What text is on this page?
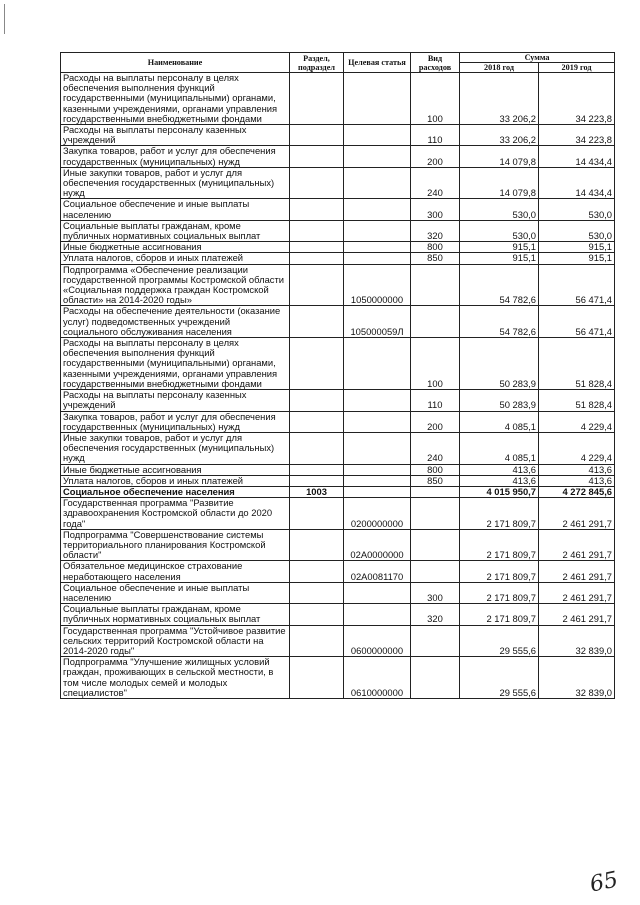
Наименование	Раздел, подраздел	Целевая статья	Вид расходов	Сумма	
				2018 год	2019 год
Расходы на выплаты персоналу в целях обеспечения выполнения функций государственными (муниципальными) органами, казенными учреждениями, органами управления государственными внебюджетными фондами			100	33 206,2	34 223,8
Расходы на выплаты персоналу казенных учреждений			110	33 206,2	34 223,8
Закупка товаров, работ и услуг для обеспечения государственных (муниципальных) нужд			200	14 079,8	14 434,4
Иные закупки товаров, работ и услуг для обеспечения государственных (муниципальных) нужд			240	14 079,8	14 434,4
Социальное обеспечение и иные выплаты населению			300	530,0	530,0
Социальные выплаты гражданам, кроме публичных нормативных социальных выплат			320	530,0	530,0
Иные бюджетные ассигнования			800	915,1	915,1
Уплата налогов, сборов и иных платежей			850	915,1	915,1
Подпрограмма «Обеспечение реализации государственной программы Костромской области «Социальная поддержка граждан Костромской области» на 2014-2020 годы»		1050000000		54 782,6	56 471,4
Расходы на обеспечение деятельности (оказание услуг) подведомственных учреждений социального обслуживания населения		105000059Л		54 782,6	56 471,4
Расходы на выплаты персоналу в целях обеспечения выполнения функций государственными (муниципальными) органами, казенными учреждениями, органами управления государственными внебюджетными фондами			100	50 283,9	51 828,4
Расходы на выплаты персоналу казенных учреждений			110	50 283,9	51 828,4
Закупка товаров, работ и услуг для обеспечения государственных (муниципальных) нужд			200	4 085,1	4 229,4
Иные закупки товаров, работ и услуг для обеспечения государственных (муниципальных) нужд			240	4 085,1	4 229,4
Иные бюджетные ассигнования			800	413,6	413,6
Уплата налогов, сборов и иных платежей			850	413,6	413,6
Социальное обеспечение населения	1003			4 015 950,7	4 272 845,6
Государственная программа "Развитие здравоохранения Костромской области до 2020 года"		0200000000		2 171 809,7	2 461 291,7
Подпрограмма "Совершенствование системы территориального планирования Костромской области"		02А0000000		2 171 809,7	2 461 291,7
Обязательное медицинское страхование неработающего населения		02А0081170		2 171 809,7	2 461 291,7
Социальное обеспечение и иные выплаты населению			300	2 171 809,7	2 461 291,7
Социальные выплаты гражданам, кроме публичных нормативных социальных выплат			320	2 171 809,7	2 461 291,7
Государственная программа "Устойчивое развитие сельских территорий Костромской области на 2014-2020 годы"		0600000000		29 555,6	32 839,0
Подпрограмма "Улучшение жилищных условий граждан, проживающих в сельской местности, в том числе молодых семей и молодых специалистов"		0610000000		29 555,6	32 839,0
65
